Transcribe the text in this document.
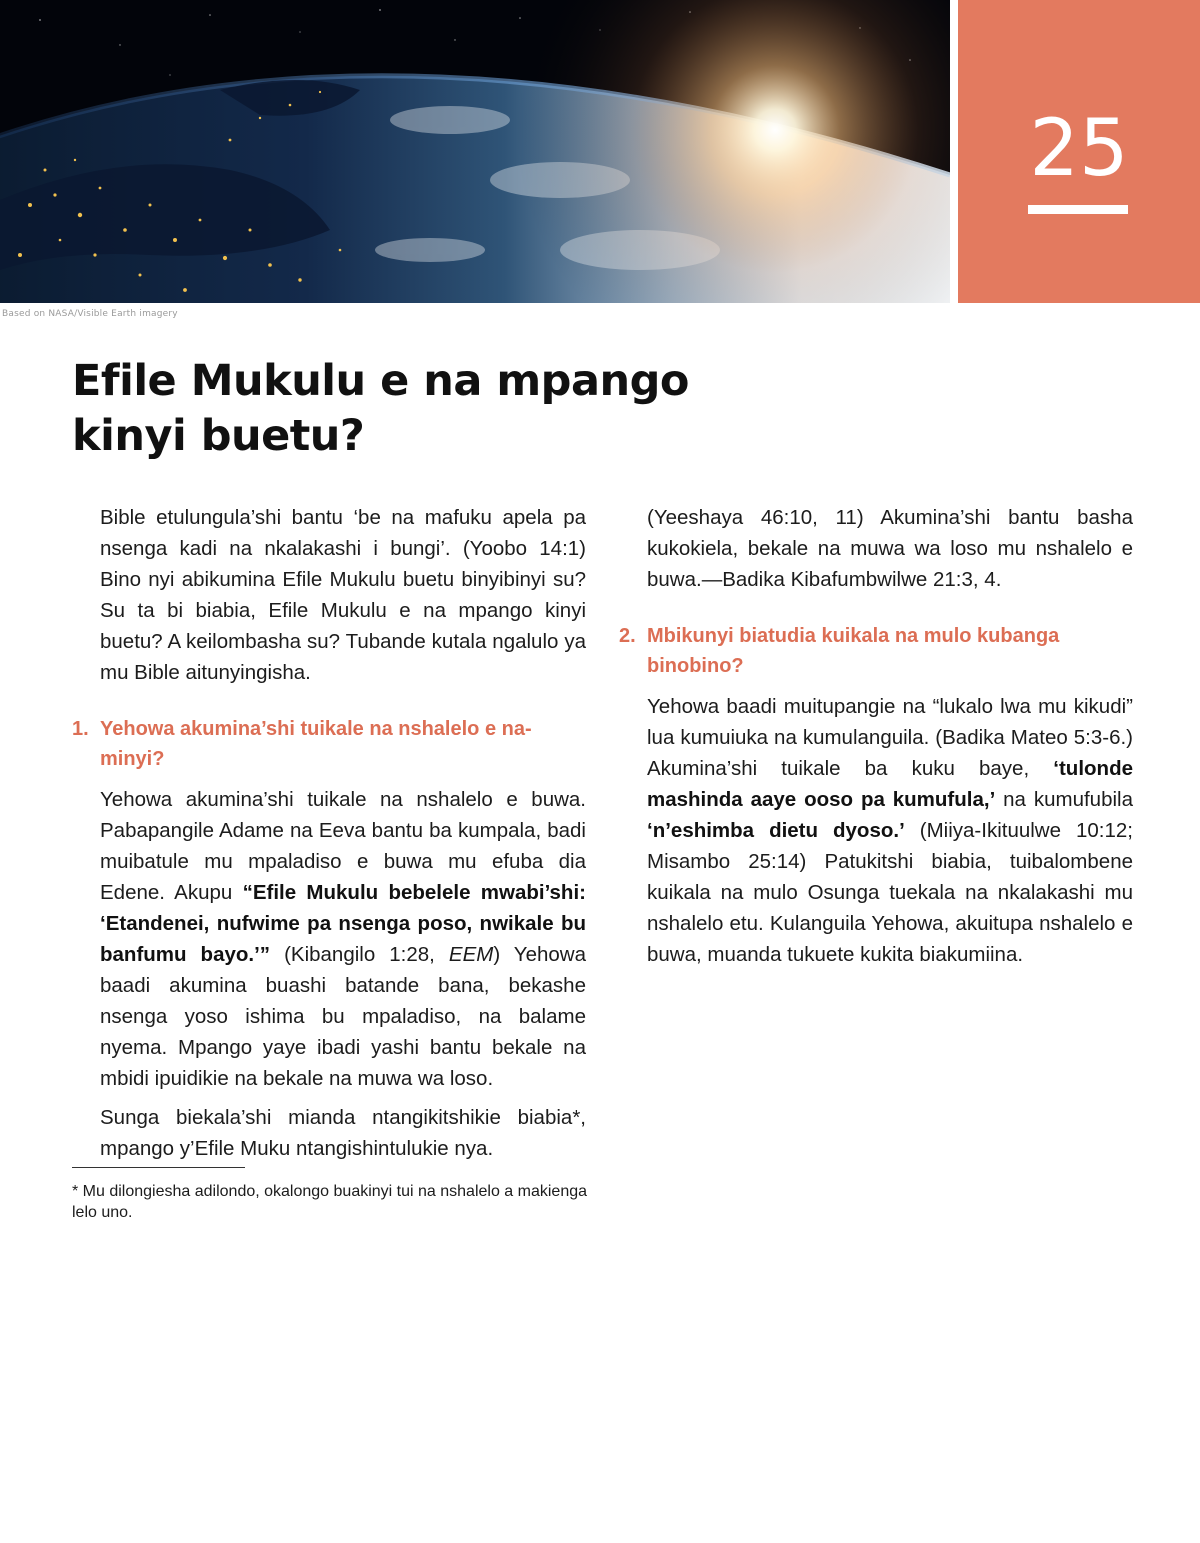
Based on NASA/Visible Earth imagery
25
Efile Mukulu e na mpango
kinyi buetu?

Bible etulungula’shi bantu ‘be na mafuku apela pa nsenga kadi na nkalakashi i bungi’. (Yoobo 14:1) Bino nyi abikumina Efile Mukulu buetu binyibinyi su? Su ta bi biabia, Efile Mukulu e na mpango kinyi buetu? A keilombasha su? Tubande kutala ngalulo ya mu Bible aitunyingisha.

1. Yehowa akumina’shi tuikale na nshalelo e naminyi?

Yehowa akumina’shi tuikale na nshalelo e buwa. Pabapangile Adame na Eeva bantu ba kumpala, badi muibatule mu mpaladiso e buwa mu efuba dia Edene. Akupu “Efile Mukulu bebelele mwabi’shi: ‘Etandenei, nufwime pa nsenga poso, nwikale bu banfumu bayo.’” (Kibangilo 1:28, EEM) Yehowa baadi akumina buashi batande bana, bekashe nsenga yoso ishima bu mpaladiso, na balame nyema. Mpango yaye ibadi yashi bantu bekale na mbidi ipuidikie na bekale na muwa wa loso.

Sunga biekala’shi mianda ntangikitshikie biabia*, mpango y’Efile Muku ntangishintulukie nya.

(Yeeshaya 46:10, 11) Akumina’shi bantu basha kukokiela, bekale na muwa wa loso mu nshalelo e buwa.—Badika Kibafumbwilwe 21:3, 4.

2. Mbikunyi biatudia kuikala na mulo kubanga binobino?

Yehowa baadi muitupangie na “lukalo lwa mu kikudi” lua kumuiuka na kumulanguila. (Badika Mateo 5:3-6.) Akumina’shi tuikale ba kuku baye, ‘tulonde mashinda aaye ooso pa kumufula,’ na kumufubila ‘n’eshimba dietu dyoso.’ (Miiya-Ikituulwe 10:12; Misambo 25:14) Patukitshi biabia, tuibalombene kuikala na mulo Osunga tuekala na nkalakashi mu nshalelo etu. Kulanguila Yehowa, akuitupa nshalelo e buwa, muanda tukuete kukita biakumiina.

* Mu dilongiesha adilondo, okalongo buakinyi tui na nshalelo a makienga lelo uno.
